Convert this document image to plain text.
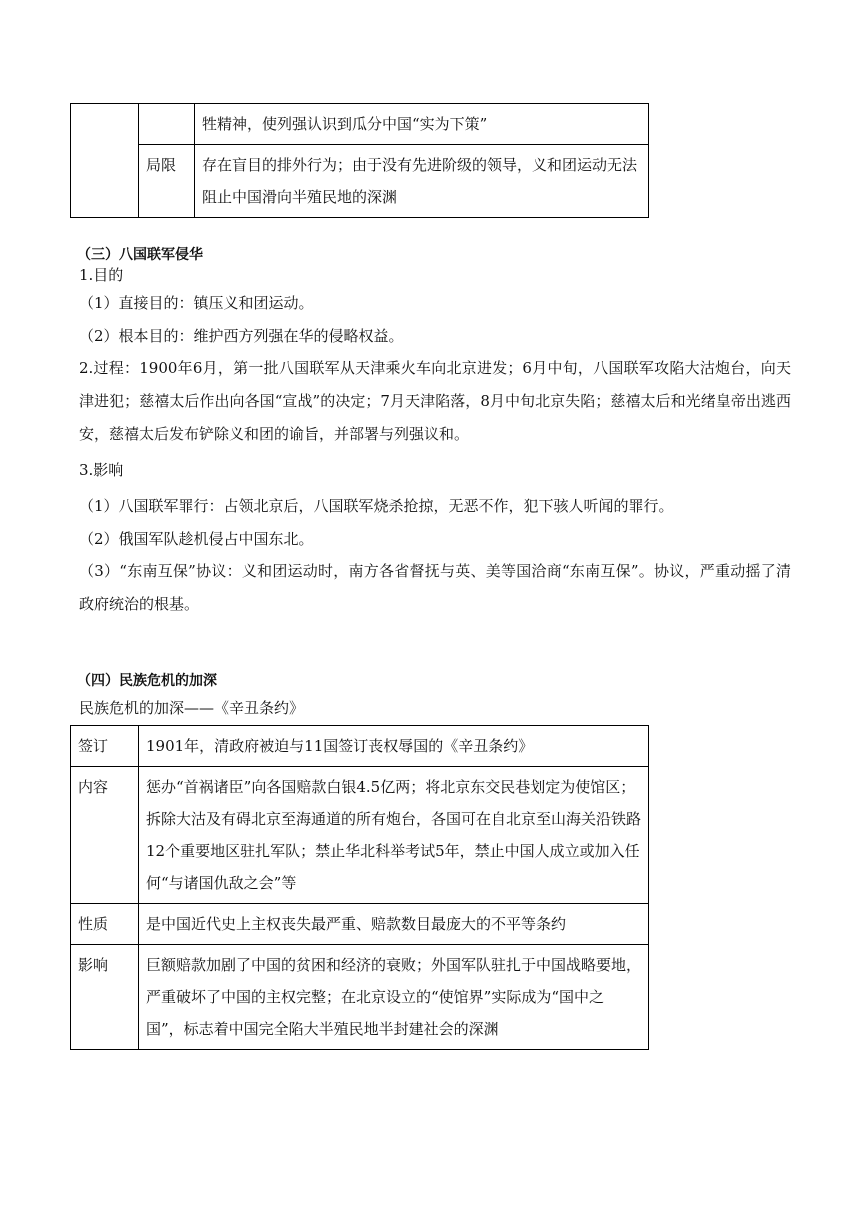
		牲精神，使列强认识到瓜分中国“实为下策”
	局限	存在盲目的排外行为；由于没有先进阶级的领导，义和团运动无法阻止中国滑向半殖民地的深渊
（三）八国联军侵华
1.目的
（1）直接目的：镇压义和团运动。
（2）根本目的：维护西方列强在华的侵略权益。
2.过程：1900年6月，第一批八国联军从天津乘火车向北京进发；6月中旬，八国联军攻陷大沽炮台，向天津进犯；慈禧太后作出向各国“宣战”的决定；7月天津陷落，8月中旬北京失陷；慈禧太后和光绪皇帝出逃西安，慈禧太后发布铲除义和团的谕旨，并部署与列强议和。
3.影响
（1）八国联军罪行：占领北京后，八国联军烧杀抢掠，无恶不作，犯下骇人听闻的罪行。
（2）俄国军队趁机侵占中国东北。
（3）“东南互保”协议：义和团运动时，南方各省督抚与英、美等国洽商“东南互保”。协议，严重动摇了清政府统治的根基。
（四）民族危机的加深
民族危机的加深——《辛丑条约》
签订	1901年，清政府被迫与11国签订丧权辱国的《辛丑条约》
内容	惩办“首祸诸臣”向各国赔款白银4.5亿两；将北京东交民巷划定为使馆区；拆除大沽及有碍北京至海通道的所有炮台，各国可在自北京至山海关沿铁路12个重要地区驻扎军队；禁止华北科举考试5年，禁止中国人成立或加入任何“与诸国仇敌之会”等
性质	是中国近代史上主权丧失最严重、赔款数目最庞大的不平等条约
影响	巨额赔款加剧了中国的贫困和经济的衰败；外国军队驻扎于中国战略要地，严重破坏了中国的主权完整；在北京设立的“使馆界”实际成为“国中之国”，标志着中国完全陷大半殖民地半封建社会的深渊
